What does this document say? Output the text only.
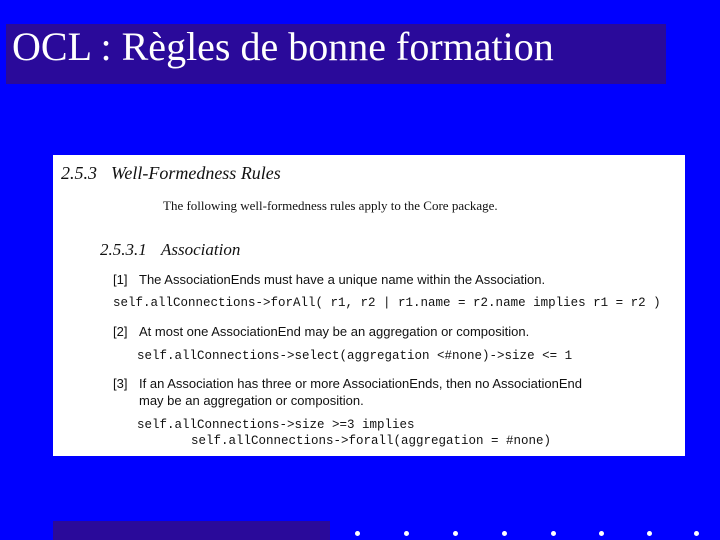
OCL : Règles de bonne formation
2.5.3 Well-Formedness Rules
The following well-formedness rules apply to the Core package.
2.5.3.1 Association
[1] The AssociationEnds must have a unique name within the Association.
self.allConnections->forAll( r1, r2 | r1.name = r2.name implies r1 = r2 )
[2] At most one AssociationEnd may be an aggregation or composition.
self.allConnections->select(aggregation <#none)->size <= 1
[3] If an Association has three or more AssociationEnds, then no AssociationEnd
may be an aggregation or composition.
self.allConnections->size >=3 implies
self.allConnections->forall(aggregation = #none)
